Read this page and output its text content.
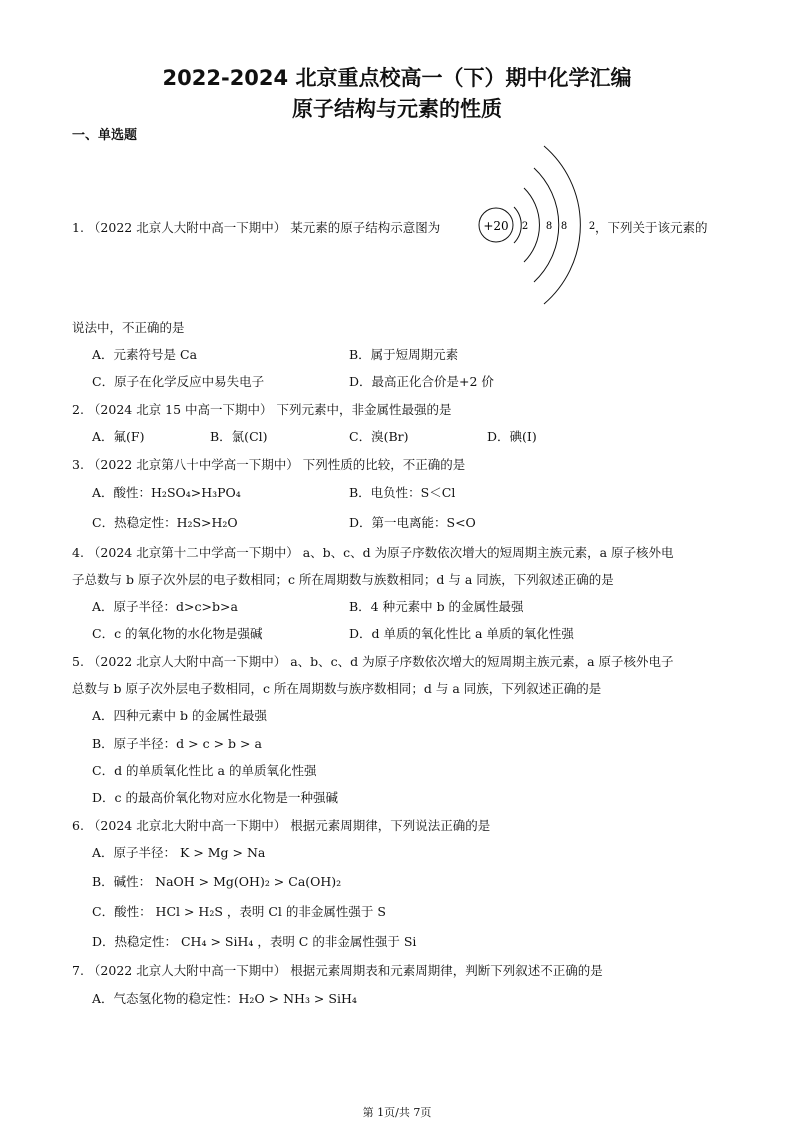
2022-2024 北京重点校高一（下）期中化学汇编
原子结构与元素的性质
一、单选题
1. （2022 北京人大附中高一下期中） 某元素的原子结构示意图为	+20 2 8 8 2 ，下列关于该元素的
说法中，不正确的是
A．元素符号是 Ca	B．属于短周期元素
C．原子在化学反应中易失电子	D．最高正化合价是+2 价
2. （2024 北京 15 中高一下期中） 下列元素中，非金属性最强的是
A．氟(F)	B．氯(Cl)	C．溴(Br)	D．碘(I)
3. （2022 北京第八十中学高一下期中） 下列性质的比较，不正确的是
A．酸性：H₂SO₄>H₃PO₄	B．电负性：S＜Cl
C．热稳定性：H₂S>H₂O	D．第一电离能：S<O
4. （2024 北京第十二中学高一下期中） a、b、c、d 为原子序数依次增大的短周期主族元素，a 原子核外电
子总数与 b 原子次外层的电子数相同；c 所在周期数与族数相同；d 与 a 同族，下列叙述正确的是
A．原子半径：d>c>b>a	B．4 种元素中 b 的金属性最强
C．c 的氧化物的水化物是强碱	D．d 单质的氧化性比 a 单质的氧化性强
5. （2022 北京人大附中高一下期中） a、b、c、d 为原子序数依次增大的短周期主族元素，a 原子核外电子
总数与 b 原子次外层电子数相同，c 所在周期数与族序数相同；d 与 a 同族，下列叙述正确的是
A．四种元素中 b 的金属性最强
B．原子半径：d > c > b > a
C．d 的单质氧化性比 a 的单质氧化性强
D．c 的最高价氧化物对应水化物是一种强碱
6. （2024 北京北大附中高一下期中） 根据元素周期律，下列说法正确的是
A．原子半径： K > Mg > Na
B．碱性： NaOH > Mg(OH)₂ > Ca(OH)₂
C．酸性： HCl > H₂S ，表明 Cl 的非金属性强于 S
D．热稳定性： CH₄ > SiH₄ ，表明 C 的非金属性强于 Si
7. （2022 北京人大附中高一下期中） 根据元素周期表和元素周期律，判断下列叙述不正确的是
A．气态氢化物的稳定性：H₂O > NH₃ > SiH₄
第 1页/共 7页
